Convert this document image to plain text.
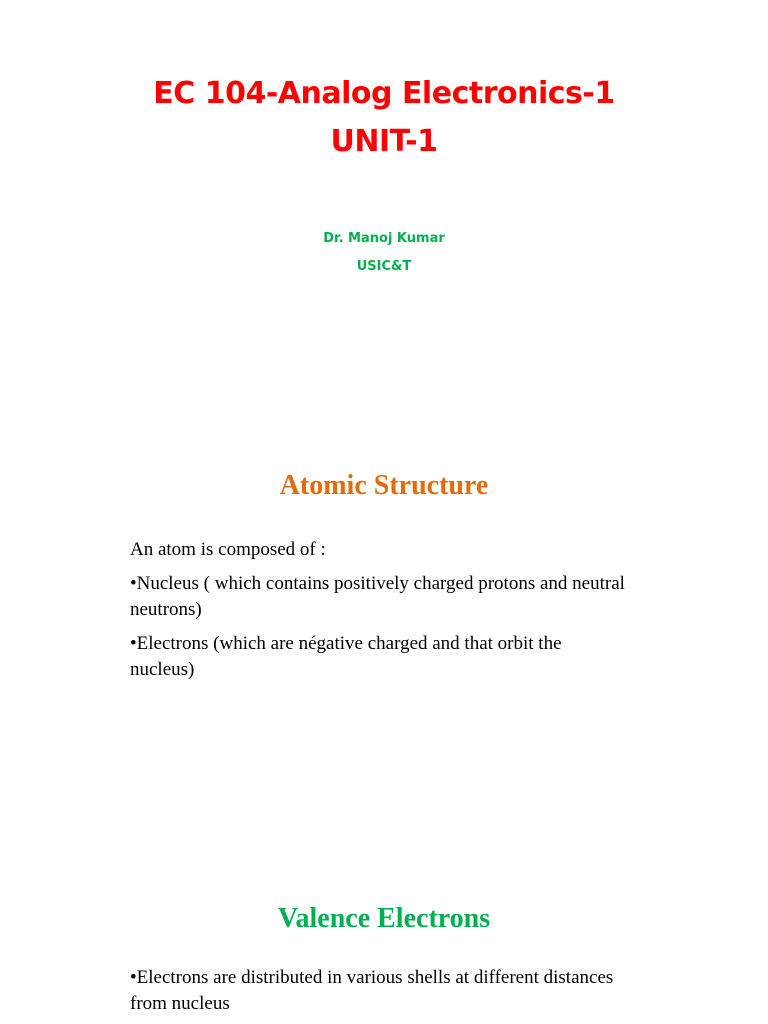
EC 104-Analog Electronics-1
UNIT-1
Dr. Manoj Kumar
USIC&T
Atomic Structure

An atom is composed of :

•Nucleus ( which contains positively charged protons and neutral neutrons)

•Electrons (which are négative charged and that orbit the nucleus)

Valence Electrons

•Electrons are distributed in various shells at different distances from nucleus
